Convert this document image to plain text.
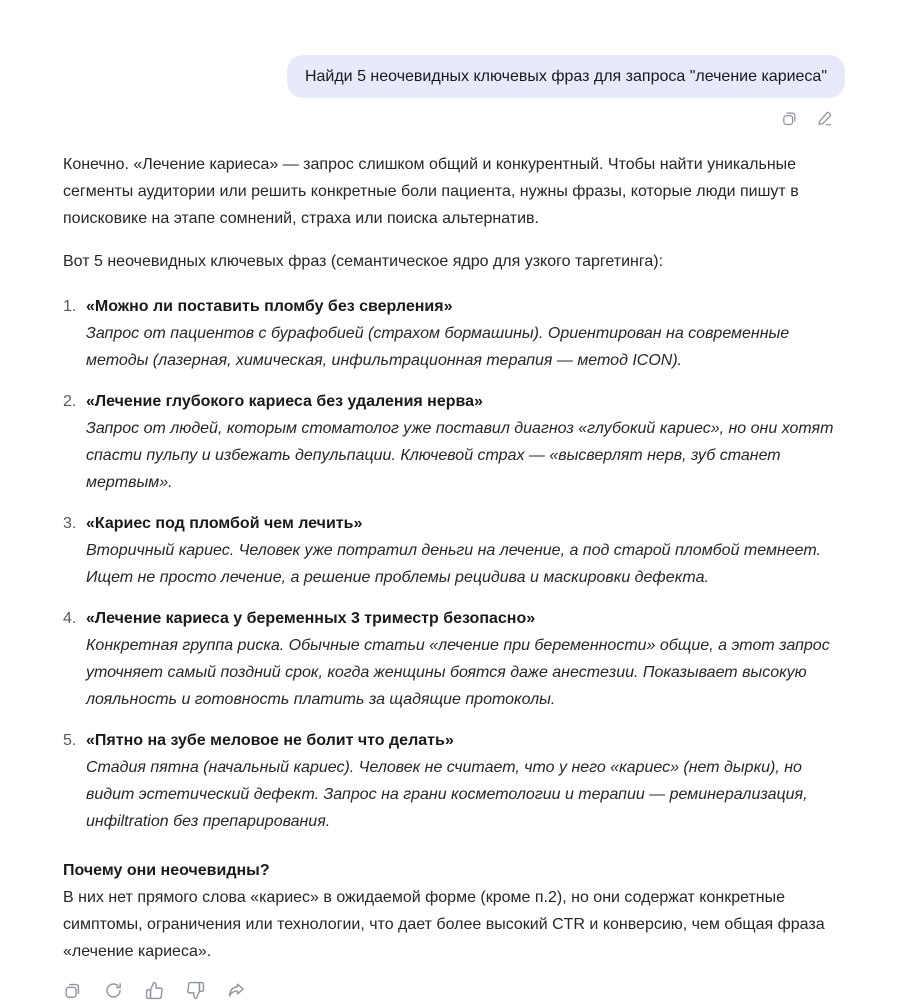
Найди 5 неочевидных ключевых фраз для запроса "лечение кариеса"

Конечно. «Лечение кариеса» — запрос слишком общий и конкурентный. Чтобы найти уникальные сегменты аудитории или решить конкретные боли пациента, нужны фразы, которые люди пишут в поисковике на этапе сомнений, страха или поиска альтернатив.

Вот 5 неочевидных ключевых фраз (семантическое ядро для узкого таргетинга):

1. «Можно ли поставить пломбу без сверления»
Запрос от пациентов с бурафобией (страхом бормашины). Ориентирован на современные методы (лазерная, химическая, инфильтрационная терапия — метод ICON).
2. «Лечение глубокого кариеса без удаления нерва»
Запрос от людей, которым стоматолог уже поставил диагноз «глубокий кариес», но они хотят спасти пульпу и избежать депульпации. Ключевой страх — «высверлят нерв, зуб станет мертвым».
3. «Кариес под пломбой чем лечить»
Вторичный кариес. Человек уже потратил деньги на лечение, а под старой пломбой темнеет. Ищет не просто лечение, а решение проблемы рецидива и маскировки дефекта.
4. «Лечение кариеса у беременных 3 триместр безопасно»
Конкретная группа риска. Обычные статьи «лечение при беременности» общие, а этот запрос уточняет самый поздний срок, когда женщины боятся даже анестезии. Показывает высокую лояльность и готовность платить за щадящие протоколы.
5. «Пятно на зубе меловое не болит что делать»
Стадия пятна (начальный кариес). Человек не считает, что у него «кариес» (нет дырки), но видит эстетический дефект. Запрос на грани косметологии и терапии — реминерализация, инфiltration без препарирования.
Почему они неочевидны?

В них нет прямого слова «кариес» в ожидаемой форме (кроме п.2), но они содержат конкретные симптомы, ограничения или технологии, что дает более высокий CTR и конверсию, чем общая фраза «лечение кариеса».
